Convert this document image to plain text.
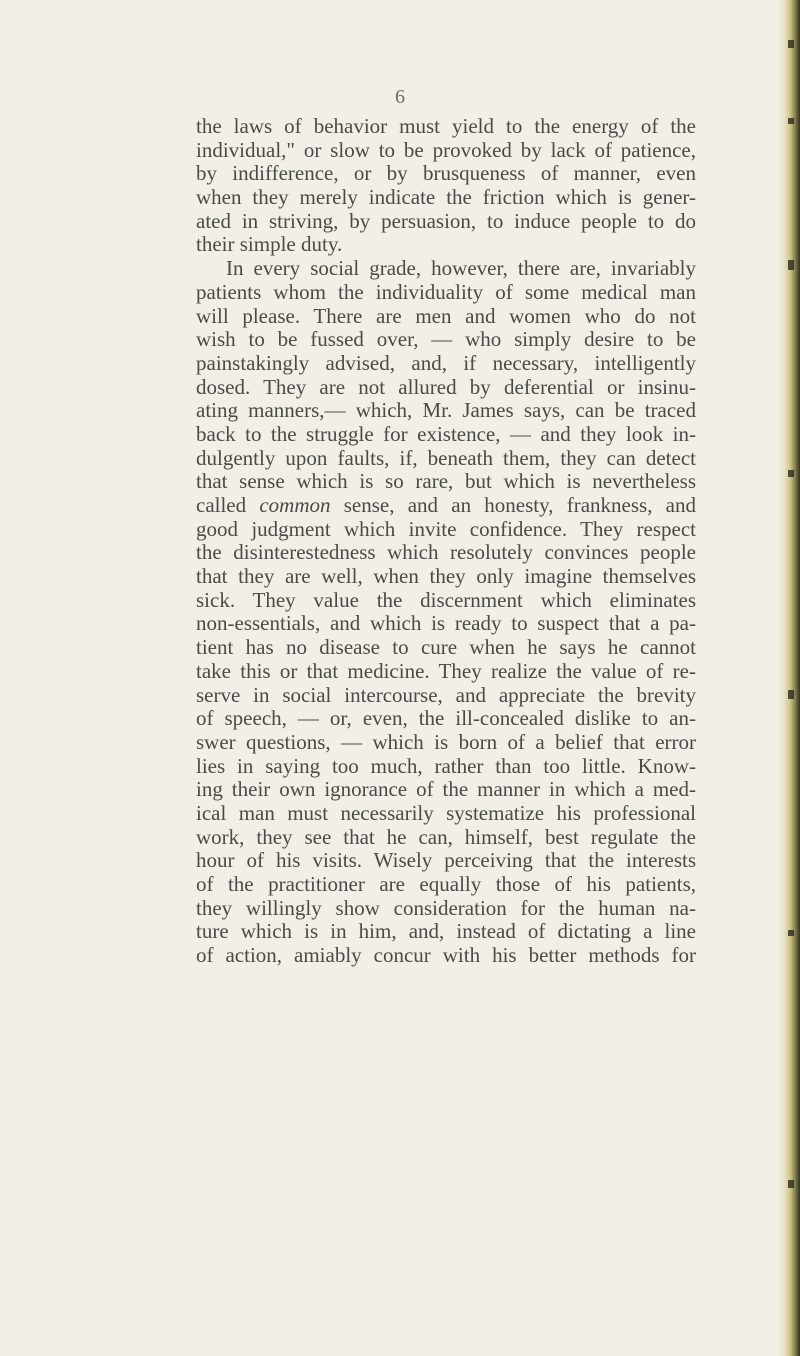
6
the laws of behavior must yield to the energy of the
individual," or slow to be provoked by lack of patience,
by indifference, or by brusqueness of manner, even
when they merely indicate the friction which is gener-
ated in striving, by persuasion, to induce people to do
their simple duty.
In every social grade, however, there are, invariably
patients whom the individuality of some medical man
will please. There are men and women who do not
wish to be fussed over, — who simply desire to be
painstakingly advised, and, if necessary, intelligently
dosed. They are not allured by deferential or insinu-
ating manners,— which, Mr. James says, can be traced
back to the struggle for existence, — and they look in-
dulgently upon faults, if, beneath them, they can detect
that sense which is so rare, but which is nevertheless
called common sense, and an honesty, frankness, and
good judgment which invite confidence. They respect
the disinterestedness which resolutely convinces people
that they are well, when they only imagine themselves
sick. They value the discernment which eliminates
non-essentials, and which is ready to suspect that a pa-
tient has no disease to cure when he says he cannot
take this or that medicine. They realize the value of re-
serve in social intercourse, and appreciate the brevity
of speech, — or, even, the ill-concealed dislike to an-
swer questions, — which is born of a belief that error
lies in saying too much, rather than too little. Know-
ing their own ignorance of the manner in which a med-
ical man must necessarily systematize his professional
work, they see that he can, himself, best regulate the
hour of his visits. Wisely perceiving that the interests
of the practitioner are equally those of his patients,
they willingly show consideration for the human na-
ture which is in him, and, instead of dictating a line
of action, amiably concur with his better methods for
